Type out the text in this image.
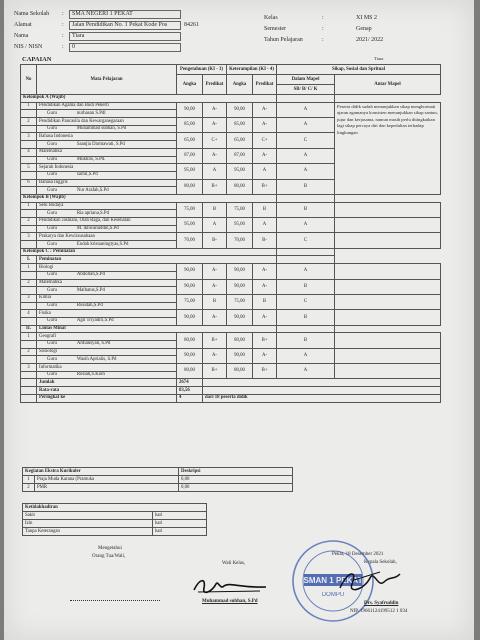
Nama Sekolah : SMA NEGERI 1 PEKAT
Alamat	: Jalan Pendidikan No. 1 Pekat Kode Pos	84261
Nama	: Tiara
NIS / NISN	: 0
Kelas	:	XI MS 2
Semester	:	Genap
Tahun Pelajaran	:	2021/ 2022
CAPAIAN	Tiara
No	Mata Pelajaran	Pengetahuan (KI - 3)		Keterampilan (KI - 4)		Sikap, Sosial dan Spritual	
		Angka	Predikat	Angka	Predikat	Dalam Mapel	Antar Mapel
						SB/ B/ C/ K	
Kelompok A (Wajib)							
1	Pendidikan Agama dan Budi Pekerti	90,00	A-	90,00	A-	A	Peserta didik sudah menunjukkan sikap menghormati ajaran agamanya konsisten menunjukkan sikap santun, jujur dan kerjasama, namun masih perlu ditingkatkan lagi sikap percaya diri dan kepedulian terhadap lingkungan
	Guru nurhasan S.Pdl						
2	Pendidikan Pancasila dan Kewarganegaraan	85,00	A-	85,00	A-	A	
	Guru Muhammad subhan, S.Pd						
3	Bahasa Indonesia	65,00	C+	65,00	C+	C	
	Guru Saanjia Darmawati, S.Pd						
4	Matematika	87,00	A-	87,00	A-	A	
	Guru Mukhlis, S.Pd.						
5	Sejarah Indonesia	95,00	A	95,00	A	A	
	Guru saiful,S.Pd						
6	Bahasa Inggris	80,00	B+	80,00	B+	B	
	Guru Nur Arafah,S.Pd						
Kelompok B (Wajib)							
1	Seni Budaya	75,00	B	75,00	B	B	
	Guru Ria apriana,S.Pd						
2	Pendidikan Jasmani, Olah Raga, dan Kesehatan	95,00	A	95,00	A	A	
	Guru M. ikhwanuddin,S.Pd						
3	Prakarya dan Kewirausahaan	70,00	B-	70,00	B-	C	
	Guru Endah krisnaningtyas,S.Pd						
Kelompok C : Peminatan							
I.	Peminatan						
1	Biologi	90,00	A-	90,00	A-	A	
	Guru Abdollah,S.Pd						
2	Matematika	90,00	A-	90,00	A-	B	
	Guru Malhatus,S.Pd						
3	Kimia	75,00	B	75,00	B	C	
	Guru Rosidah,S.Pd						
4	Fisika	90,00	A-	90,00	A-	B	
	Guru Agil Triyadiri,S.Pd						
II.	Lintas Minat						
1	Geografi	80,00	B+	80,00	B+	B	
	Guru Ardiansyah, S.Pd						
2	Sosiologi	90,00	A-	90,00	A-	A	
	Guru Wasih Aprialis, S.Pd						
3	Informatika	80,00	B+	80,00	B+	A	
	Guru Rosiah,S.Kom						
	Jumlah	2674					
	Rata-rata	83,56					
	Peringkat ke	4	dari 18 peserta didik				
Kegiatan Ekstra Kurikuler		Deskripsi
1	Praja Muda Karana (Pramuka	0,00
2	PMR	0,00
Ketidakhadiran	
Sakit	hari
Izin	hari
Tanpa Keterangan	hari
Mengetahui
Orang Tua/Wali,
Wali Kelas,
Muhammad subhan, S.Pd
Pekat, 18 Desember 2021
Kepala Sekolah,
SMAN 1 PEKAT
DOMPU
Drs. Syafruddin
NIP. 19661124199512 1 034
